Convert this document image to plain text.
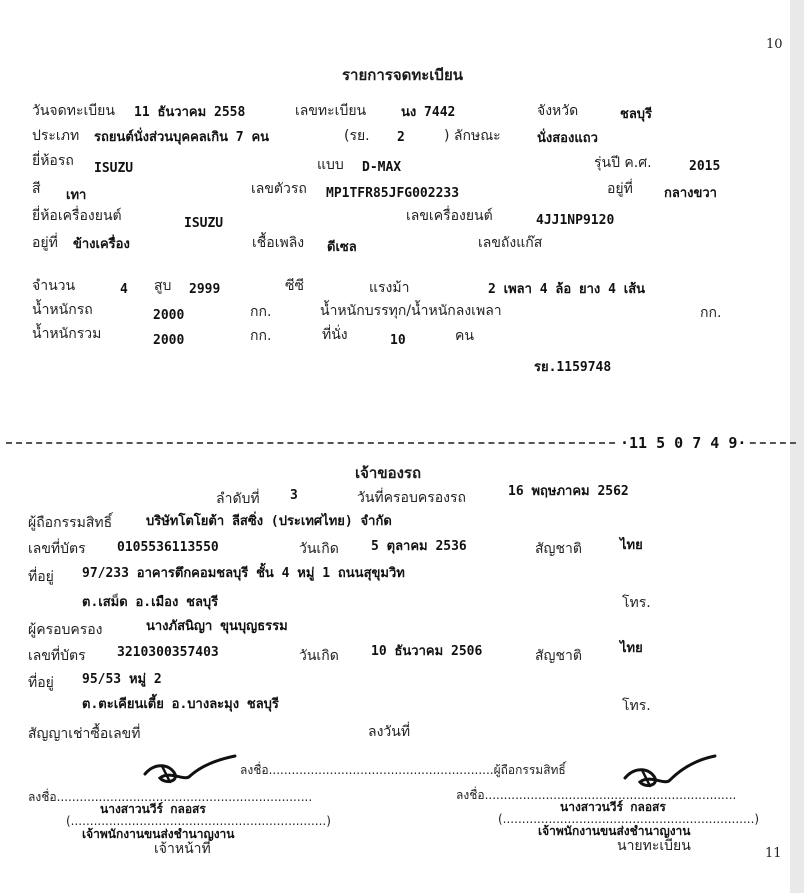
10
11
รายการจดทะเบียน
วันจดทะเบียน 11 ธันวาคม 2558	เลขทะเบียน	นง 7442	จังหวัด	ชลบุรี
ประเภท รถยนต์นั่งส่วนบุคคลเกิน 7 คน	(รย. 2	) ลักษณะ	นั่งสองแถว
ยี่ห้อรถ ISUZU	แบบ D-MAX	รุ่นปี ค.ศ.	2015
สี เทา	เลขตัวรถ MP1TFR85JFG002233	อยู่ที่ กลางขวา
ยี่ห้อเครื่องยนต์	ISUZU	เลขเครื่องยนต์	4JJ1NP9120
อยู่ที่ ข้างเครื่อง	เชื้อเพลิง ดีเซล	เลขถังแก๊ส
จำนวน	4 สูบ 2999	ซีซี	แรงม้า	2 เพลา 4 ล้อ ยาง 4 เส้น
น้ำหนักรถ	2000	กก.	น้ำหนักบรรทุก/น้ำหนักลงเพลา	กก.
น้ำหนักรวม	2000	กก.	ที่นั่ง	10	คน
รย.1159748
·11 5 0 7 4 9·
เจ้าของรถ
ลำดับที่ 3	วันที่ครอบครองรถ	16 พฤษภาคม 2562
ผู้ถือกรรมสิทธิ์	บริษัทโตโยต้า ลีสซิ่ง (ประเทศไทย) จำกัด
เลขที่บัตร 0105536113550	วันเกิด 5 ตุลาคม 2536	สัญชาติ	ไทย
ที่อยู่ 97/233 อาคารตึกคอมชลบุรี ชั้น 4 หมู่ 1 ถนนสุขุมวิท
ต.เสม็ด อ.เมือง ชลบุรี	โทร.
ผู้ครอบครอง	นางภัสนิญา ขุนบุญธรรม
เลขที่บัตร 3210300357403	วันเกิด 10 ธันวาคม 2506	สัญชาติ	ไทย
ที่อยู่ 95/53 หมู่ 2
ต.ตะเคียนเตี้ย อ.บางละมุง ชลบุรี	โทร.
สัญญาเช่าซื้อเลขที่	ลงวันที่
ลงชื่อ...........................................................ผู้ถือกรรมสิทธิ์
ลงชื่อ...................................................................	ลงชื่อ..................................................................
นางสาวนวีร์ กลอสร	นางสาวนวีร์ กลอสร
(...................................................................)	(..................................................................)
เจ้าพนักงานขนส่งชำนาญงาน	เจ้าพนักงานขนส่งชำนาญงาน
เจ้าหน้าที่	นายทะเบียน
